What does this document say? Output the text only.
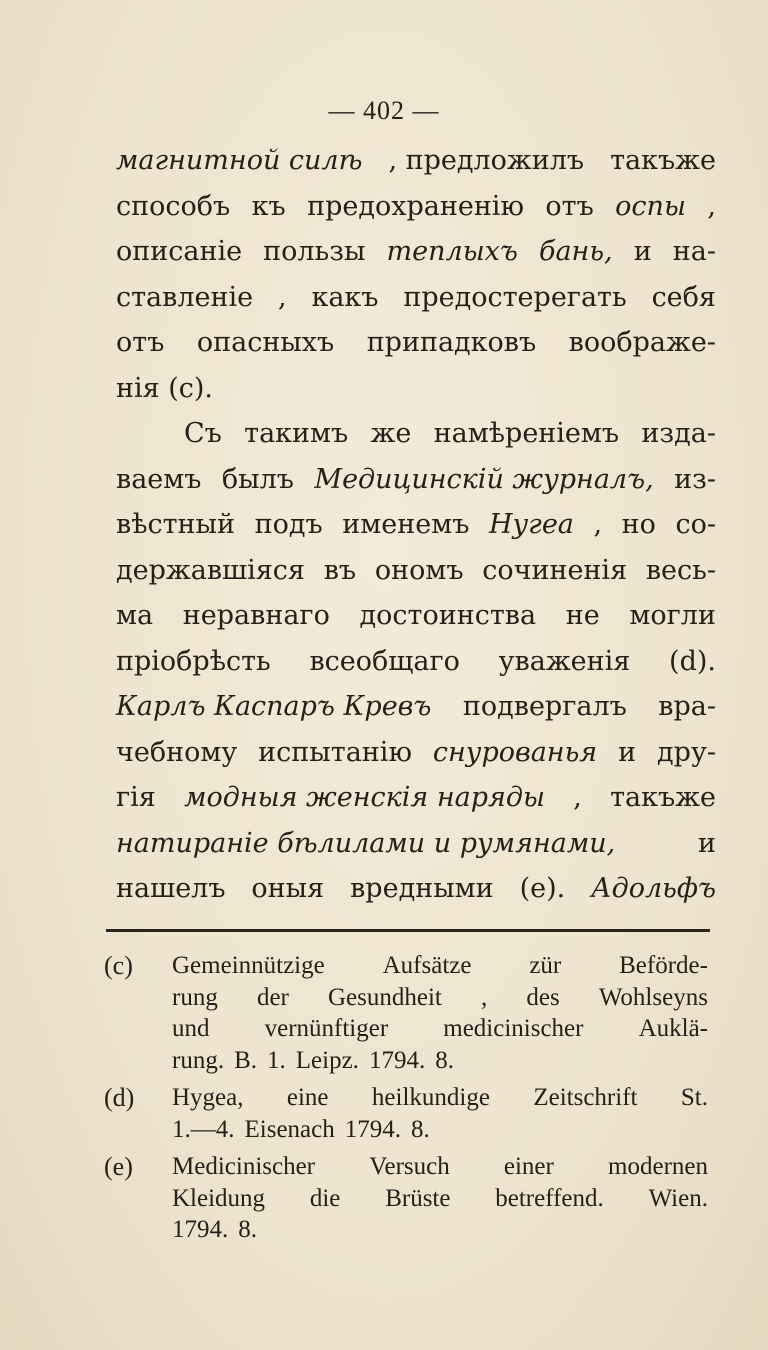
— 402 —
магнитной силѣ , предложилъ такъже
способъ къ предохраненію отъ оспы ,
описаніе пользы теплыхъ бань, и на-
ставленіе , какъ предостерегать себя
отъ опасныхъ припадковъ воображе-
нія (c).
Съ такимъ же намѣреніемъ изда-
ваемъ былъ Медицинскій журналъ, из-
вѣстный подъ именемъ Нугеа , но со-
державшіяся въ ономъ сочиненія весь-
ма неравнаго достоинства не могли
пріобрѣсть всеобщаго уваженія (d).
Карлъ Каспаръ Кревъ подвергалъ вра-
чебному испытанію снурованья и дру-
гія модныя женскія наряды , такъже
натираніе бѣлилами и румянами,	и
нашелъ оныя вредными (е). Адольфъ
(c)	Gemeinnützige Aufsätze zür Beförde-
rung der Gesundheit , des Wohlseyns
und vernünftiger medicinischer Auklä-
rung. B. 1. Leipz. 1794. 8.
(d)	Hygea, eine heilkundige Zeitschrift St.
1.—4. Eisenach 1794. 8.
(e)	Medicinischer Versuch einer modernen
Kleidung die Brüste betreffend. Wien.
1794. 8.
